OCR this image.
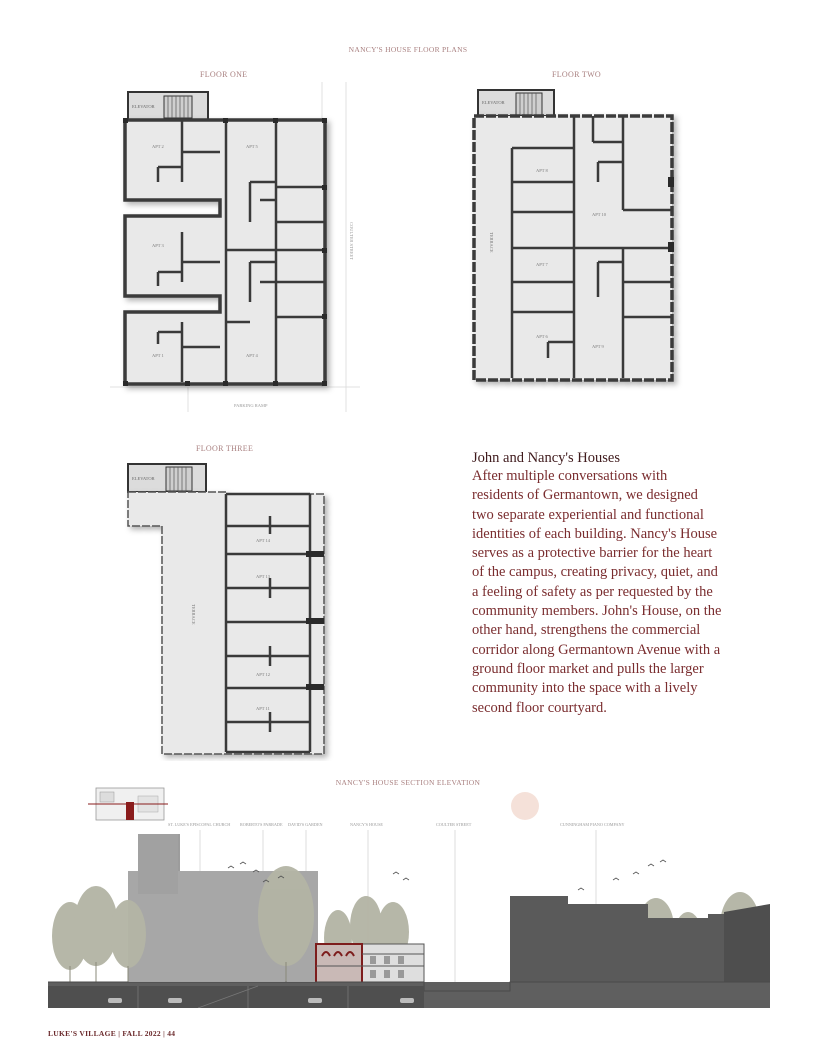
NANCY'S HOUSE FLOOR PLANS
FLOOR ONE
ELEVATOR
APT 2	APT 5
APT 3
APT 1	APT 4
PARKING RAMP
COULTER STREET
FLOOR TWO
ELEVATOR
APT 8
APT 10
APT 7
APT 6
APT 9
TERRACE
FLOOR THREE
ELEVATOR
APT 14
APT 13
APT 12
APT 11
TERRACE

John and Nancy's Houses

After multiple conversations with residents of Germantown, we designed two separate experiential and functional identities of each building. Nancy's House serves as a protective barrier for the heart of the campus, creating privacy, quiet, and a feeling of safety as per requested by the community members. John's House, on the other hand, strengthens the commercial corridor along Germantown Avenue with a ground floor market and pulls the larger community into the space with a lively second floor courtyard.

NANCY'S HOUSE SECTION ELEVATION
ST. LUKE'S EPISCOPAL CHURCH ROBERTO'S PARRADE DAVID'S GARDEN	NANCY'S HOUSE	COULTER STREET	CUNNINGHAM PIANO COMPANY
LUKE'S VILLAGE | FALL 2022 | 44
